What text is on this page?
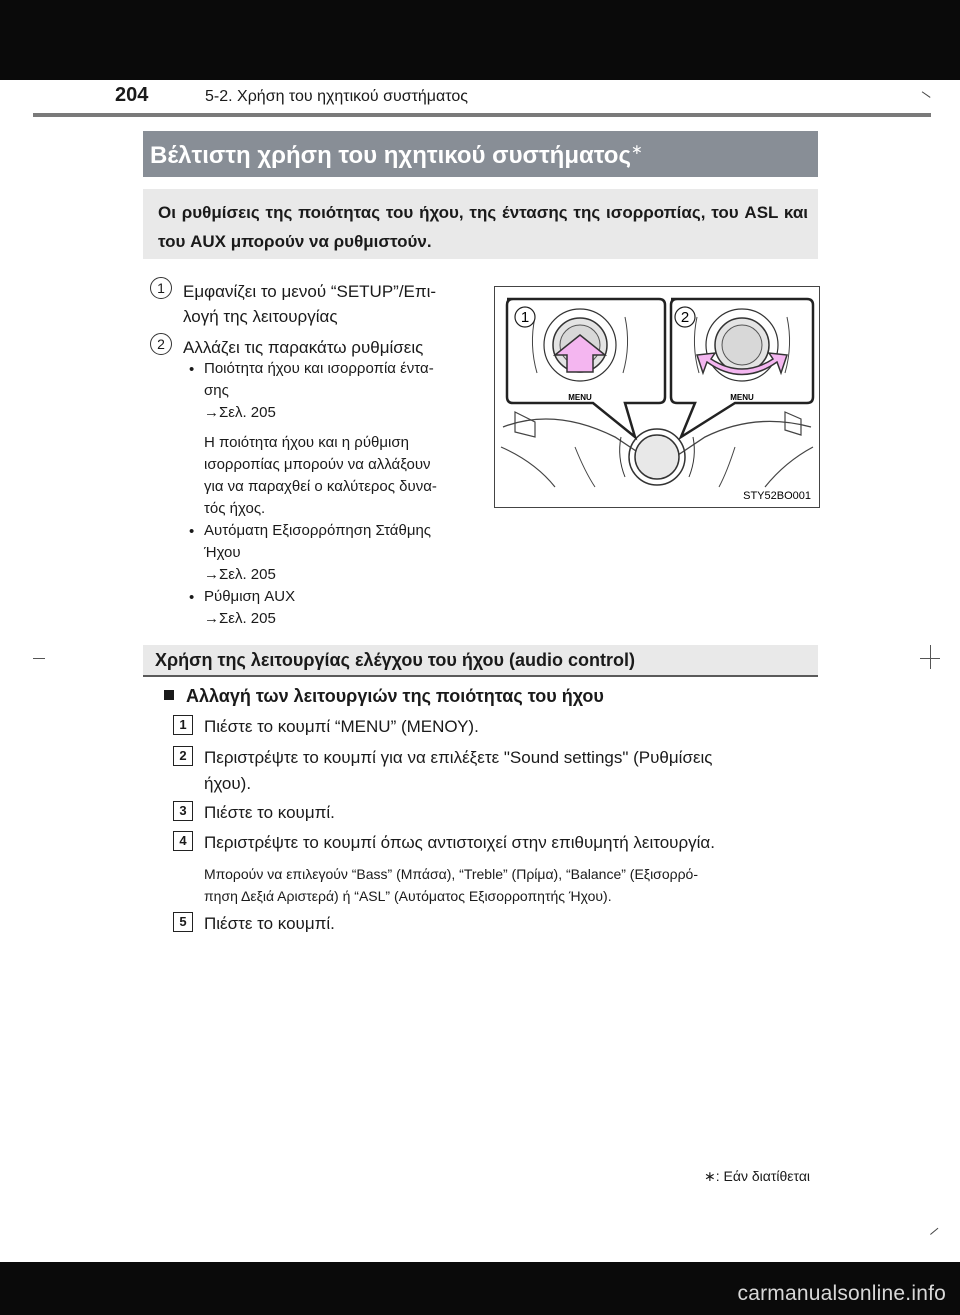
204	5-2. Χρήση του ηχητικού συστήματος
Βέλτιστη χρήση του ηχητικού συστήματος∗
Οι ρυθμίσεις της ποιότητας του ήχου, της έντασης της ισορροπίας, του ASL και του AUX μπορούν να ρυθμιστούν.
1	Εμφανίζει το μενού “SETUP”/Επι-
λογή της λειτουργίας
2	Αλλάζει τις παρακάτω ρυθμίσεις
• Ποιότητα ήχου και ισορροπία έντα-
σης
→Σελ. 205
Η ποιότητα ήχου και η ρύθμιση
ισορροπίας μπορούν να αλλάξουν
για να παραχθεί ο καλύτερος δυνα-
τός ήχος.
• Αυτόματη Εξισορρόπηση Στάθμης
Ήχου
→Σελ. 205
• Ρύθμιση AUX
→Σελ. 205
1	2
MENU	MENU
STY52BO001
Χρήση της λειτουργίας ελέγχου του ήχου (audio control)
Αλλαγή των λειτουργιών της ποιότητας του ήχου
1	Πιέστε το κουμπί “MENU” (ΜΕΝΟΥ).
2	Περιστρέψτε το κουμπί για να επιλέξετε "Sound settings" (Ρυθμίσεις
ήχου).
3	Πιέστε το κουμπί.
4	Περιστρέψτε το κουμπί όπως αντιστοιχεί στην επιθυμητή λειτουργία.
Μπορούν να επιλεγούν “Bass” (Μπάσα), “Treble” (Πρίμα), “Balance” (Εξισορρό-
πηση Δεξιά Αριστερά) ή “ASL” (Αυτόματος Εξισορροπητής Ήχου).
5	Πιέστε το κουμπί.
∗: Εάν διατίθεται
carmanualsonline.info
